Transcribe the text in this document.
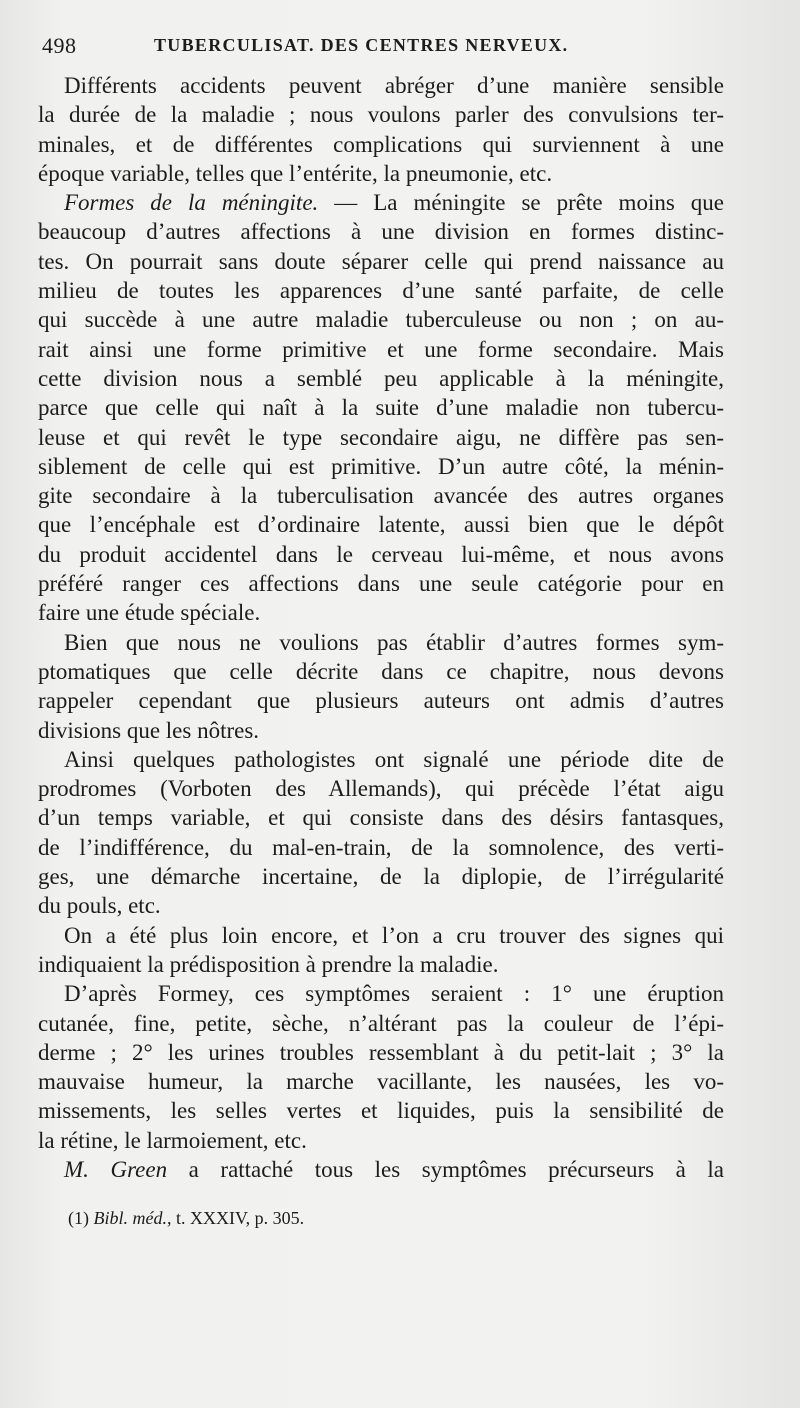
498	TUBERCULISAT. DES CENTRES NERVEUX.
Différents accidents peuvent abréger d’une manière sensible
la durée de la maladie ; nous voulons parler des convulsions ter-
minales, et de différentes complications qui surviennent à une
époque variable, telles que l’entérite, la pneumonie, etc.
Formes de la méningite. — La méningite se prête moins que
beaucoup d’autres affections à une division en formes distinc-
tes. On pourrait sans doute séparer celle qui prend naissance au
milieu de toutes les apparences d’une santé parfaite, de celle
qui succède à une autre maladie tuberculeuse ou non ; on au-
rait ainsi une forme primitive et une forme secondaire. Mais
cette division nous a semblé peu applicable à la méningite,
parce que celle qui naît à la suite d’une maladie non tubercu-
leuse et qui revêt le type secondaire aigu, ne diffère pas sen-
siblement de celle qui est primitive. D’un autre côté, la ménin-
gite secondaire à la tuberculisation avancée des autres organes
que l’encéphale est d’ordinaire latente, aussi bien que le dépôt
du produit accidentel dans le cerveau lui-même, et nous avons
préféré ranger ces affections dans une seule catégorie pour en
faire une étude spéciale.
Bien que nous ne voulions pas établir d’autres formes sym-
ptomatiques que celle décrite dans ce chapitre, nous devons
rappeler cependant que plusieurs auteurs ont admis d’autres
divisions que les nôtres.
Ainsi quelques pathologistes ont signalé une période dite de
prodromes (Vorboten des Allemands), qui précède l’état aigu
d’un temps variable, et qui consiste dans des désirs fantasques,
de l’indifférence, du mal-en-train, de la somnolence, des verti-
ges, une démarche incertaine, de la diplopie, de l’irrégularité
du pouls, etc.
On a été plus loin encore, et l’on a cru trouver des signes qui
indiquaient la prédisposition à prendre la maladie.
D’après Formey, ces symptômes seraient : 1° une éruption
cutanée, fine, petite, sèche, n’altérant pas la couleur de l’épi-
derme ; 2° les urines troubles ressemblant à du petit-lait ; 3° la
mauvaise humeur, la marche vacillante, les nausées, les vo-
missements, les selles vertes et liquides, puis la sensibilité de
la rétine, le larmoiement, etc.
M. Green a rattaché tous les symptômes précurseurs à la
(1) Bibl. méd., t. XXXIV, p. 305.
